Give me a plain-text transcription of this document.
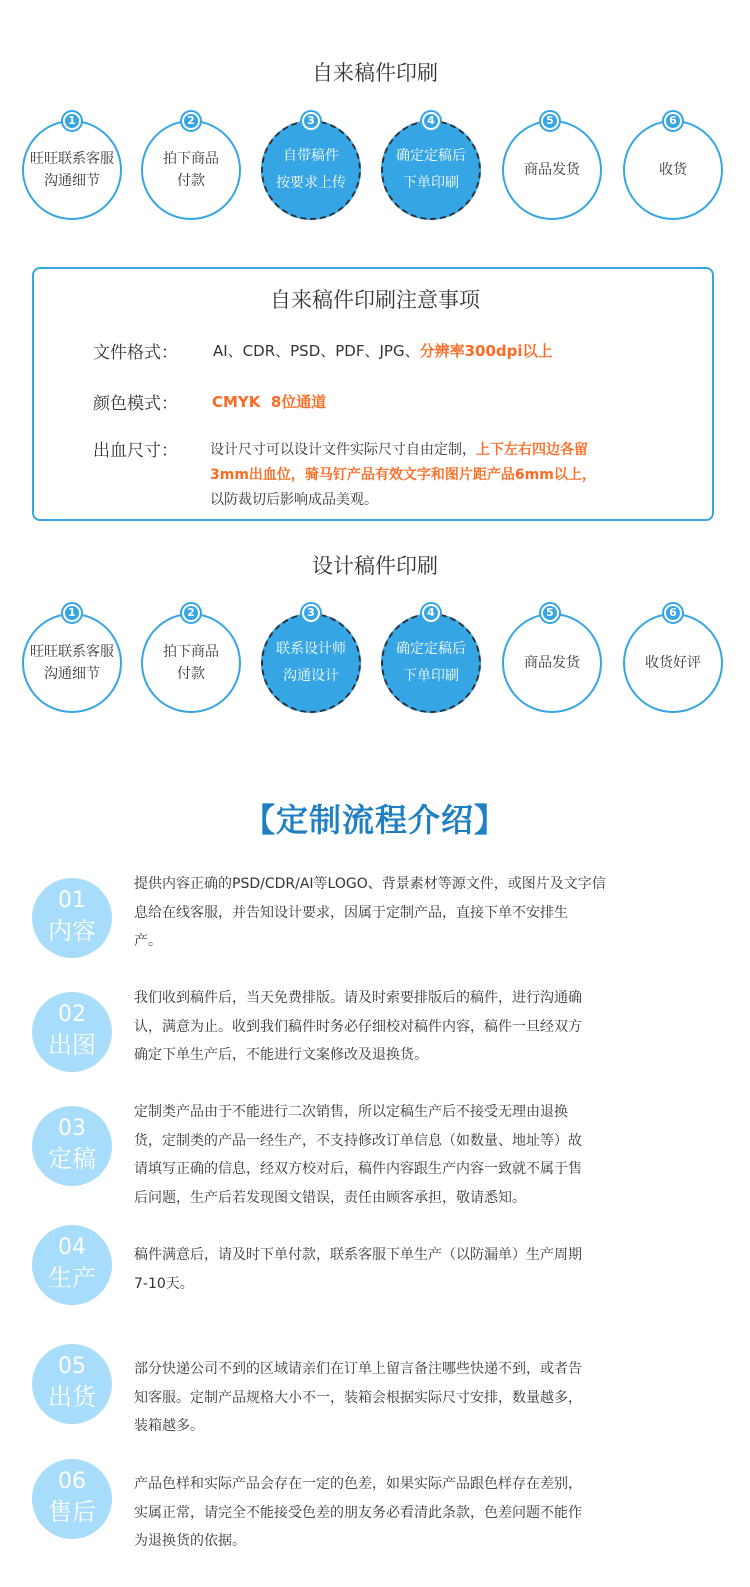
自来稿件印刷
旺旺联系客服
沟通细节
1
拍下商品
付款
2
自带稿件
按要求上传
3
确定定稿后
下单印刷
4
商品发货
5
收货
6
自来稿件印刷注意事项
文件格式： AI、CDR、PSD、PDF、JPG、分辨率300dpi以上
颜色模式： CMYK  8位通道
出血尺寸： 设计尺寸可以设计文件实际尺寸自由定制，上下左右四边各留
3mm出血位，骑马钉产品有效文字和图片距产品6mm以上，
以防裁切后影响成品美观。
设计稿件印刷
旺旺联系客服
沟通细节
1
拍下商品
付款
2
联系设计师
沟通设计
3
确定定稿后
下单印刷
4
商品发货
5
收货好评
6
【定制流程介绍】
01
内容
提供内容正确的PSD/CDR/AI等LOGO、背景素材等源文件，或图片及文字信
息给在线客服，并告知设计要求，因属于定制产品，直接下单不安排生
产。
02
出图
我们收到稿件后，当天免费排版。请及时索要排版后的稿件，进行沟通确
认，满意为止。收到我们稿件时务必仔细校对稿件内容，稿件一旦经双方
确定下单生产后，不能进行文案修改及退换货。
03
定稿
定制类产品由于不能进行二次销售，所以定稿生产后不接受无理由退换
货，定制类的产品一经生产，不支持修改订单信息（如数量、地址等）故
请填写正确的信息，经双方校对后，稿件内容跟生产内容一致就不属于售
后问题，生产后若发现图文错误，责任由顾客承担，敬请悉知。
04
生产
稿件满意后，请及时下单付款，联系客服下单生产（以防漏单）生产周期
7-10天。
05
出货
部分快递公司不到的区域请亲们在订单上留言备注哪些快递不到，或者告
知客服。定制产品规格大小不一，装箱会根据实际尺寸安排，数量越多，
装箱越多。
06
售后
产品色样和实际产品会存在一定的色差，如果实际产品跟色样存在差别，
实属正常，请完全不能接受色差的朋友务必看清此条款，色差问题不能作
为退换货的依据。
